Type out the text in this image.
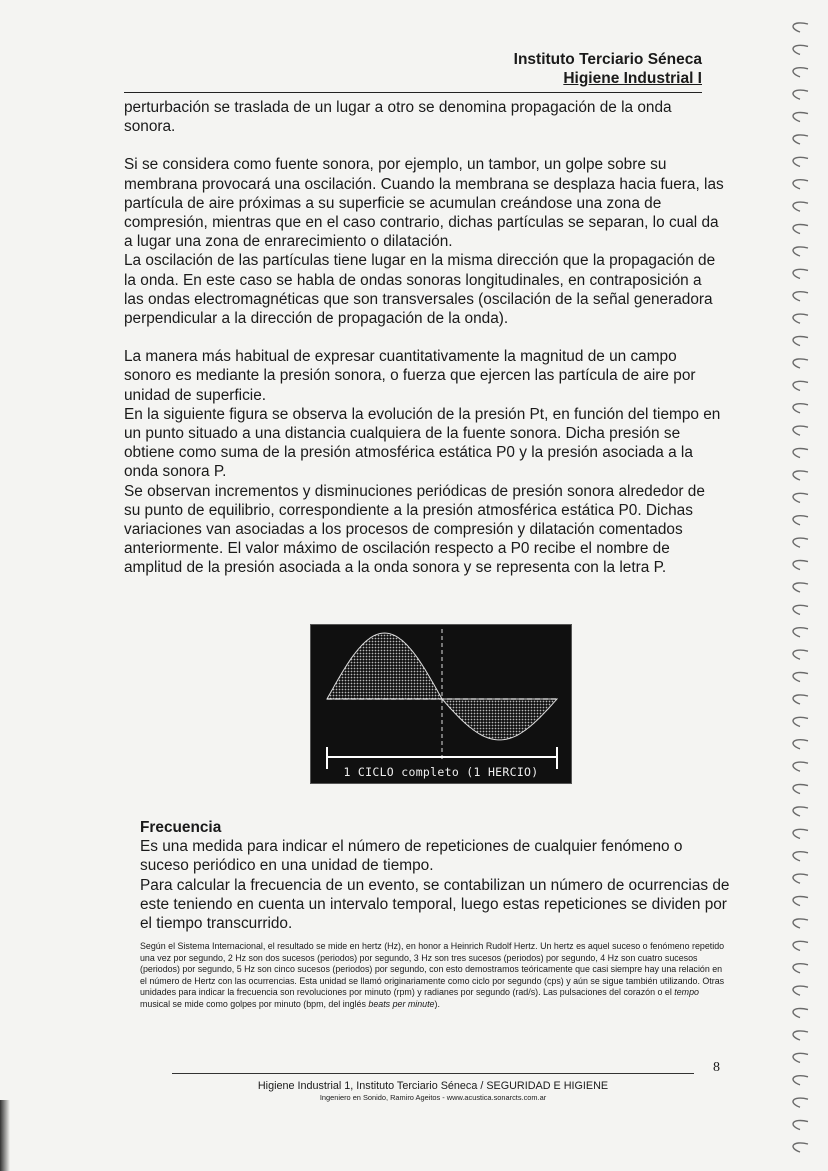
Instituto Terciario Séneca
Higiene Industrial I

perturbación se traslada de un lugar a otro se denomina propagación de la onda sonora.

Si se considera como fuente sonora, por ejemplo, un tambor, un golpe sobre su membrana provocará una oscilación. Cuando la membrana se desplaza hacia fuera, las partícula de aire próximas a su superficie se acumulan creándose una zona de compresión, mientras que en el caso contrario, dichas partículas se separan, lo cual da a lugar una zona de enrarecimiento o dilatación.

La oscilación de las partículas tiene lugar en la misma dirección que la propagación de la onda. En este caso se habla de ondas sonoras longitudinales, en contraposición a las ondas electromagnéticas que son transversales (oscilación de la señal generadora perpendicular a la dirección de propagación de la onda).

La manera más habitual de expresar cuantitativamente la magnitud de un campo sonoro es mediante la presión sonora, o fuerza que ejercen las partícula de aire por unidad de superficie.

En la siguiente figura se observa la evolución de la presión Pt, en función del tiempo en un punto situado a una distancia cualquiera de la fuente sonora. Dicha presión se obtiene como suma de la presión atmosférica estática P0 y la presión asociada a la onda sonora P.

Se observan incrementos y disminuciones periódicas de presión sonora alrededor de su punto de equilibrio, correspondiente a la presión atmosférica estática P0. Dichas variaciones van asociadas a los procesos de compresión y dilatación comentados anteriormente. El valor máximo de oscilación respecto a P0 recibe el nombre de amplitud de la presión asociada a la onda sonora y se representa con la letra P.

1 CICLO completo (1 HERCIO)
Frecuencia

Es una medida para indicar el número de repeticiones de cualquier fenómeno o suceso periódico en una unidad de tiempo.

Para calcular la frecuencia de un evento, se contabilizan un número de ocurrencias de este teniendo en cuenta un intervalo temporal, luego estas repeticiones se dividen por el tiempo transcurrido.

Según el Sistema Internacional, el resultado se mide en hertz (Hz), en honor a Heinrich Rudolf Hertz. Un hertz es aquel suceso o fenómeno repetido una vez por segundo, 2 Hz son dos sucesos (periodos) por segundo, 3 Hz son tres sucesos (periodos) por segundo, 4 Hz son cuatro sucesos (periodos) por segundo, 5 Hz son cinco sucesos (periodos) por segundo, con esto demostramos teóricamente que casi siempre hay una relación en el número de Hertz con las ocurrencias. Esta unidad se llamó originariamente como ciclo por segundo (cps) y aún se sigue también utilizando. Otras unidades para indicar la frecuencia son revoluciones por minuto (rpm) y radianes por segundo (rad/s). Las pulsaciones del corazón o el tempo musical se mide como golpes por minuto (bpm, del inglés beats per minute).

8
Higiene Industrial 1, Instituto Terciario Séneca / SEGURIDAD E HIGIENE
Ingeniero en Sonido, Ramiro Ageitos - www.acustica.sonarcts.com.ar
